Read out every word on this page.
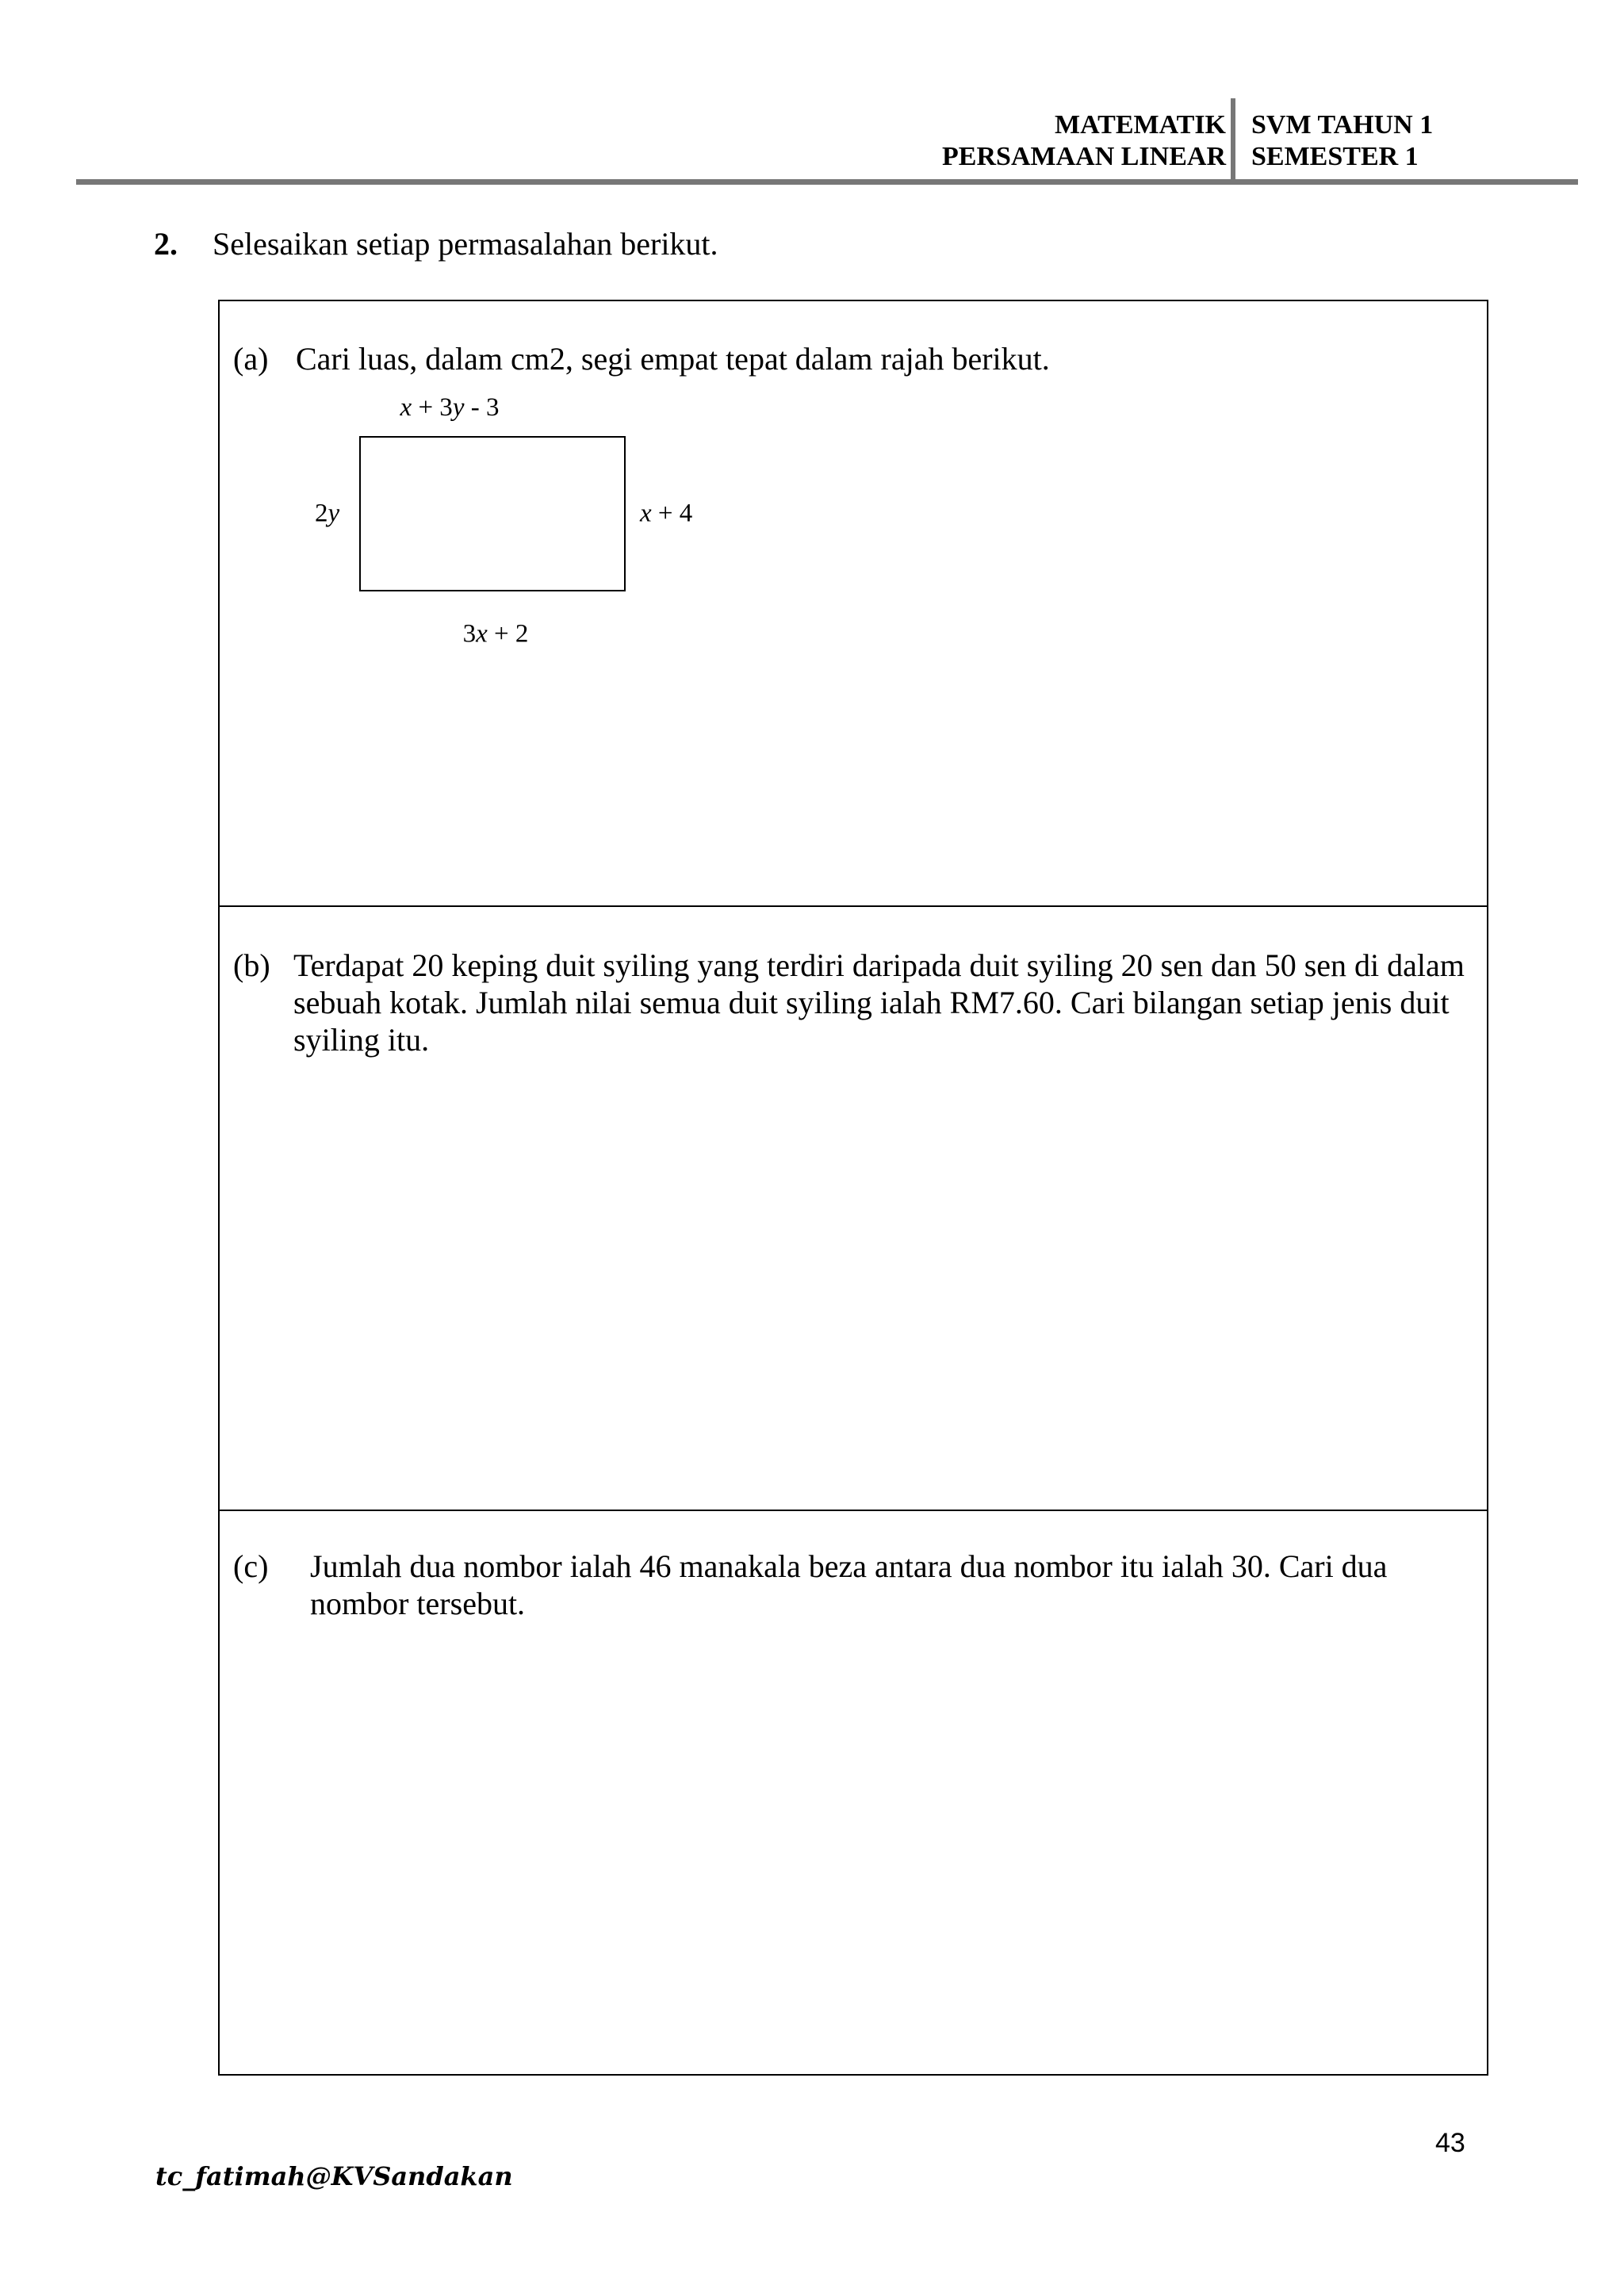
MATEMATIK
PERSAMAAN LINEAR
SVM TAHUN 1
SEMESTER 1
2. Selesaikan setiap permasalahan berikut.
(a) Cari luas, dalam cm2, segi empat tepat dalam rajah berikut.
x + 3y - 3
2y	x + 4
3x + 2
(b) Terdapat 20 keping duit syiling yang terdiri daripada duit syiling 20 sen dan 50 sen di dalam sebuah kotak. Jumlah nilai semua duit syiling ialah RM7.60. Cari bilangan setiap jenis duit syiling itu.
(c) Jumlah dua nombor ialah 46 manakala beza antara dua nombor itu ialah 30. Cari dua nombor tersebut.
43
tc_fatimah@KVSandakan
